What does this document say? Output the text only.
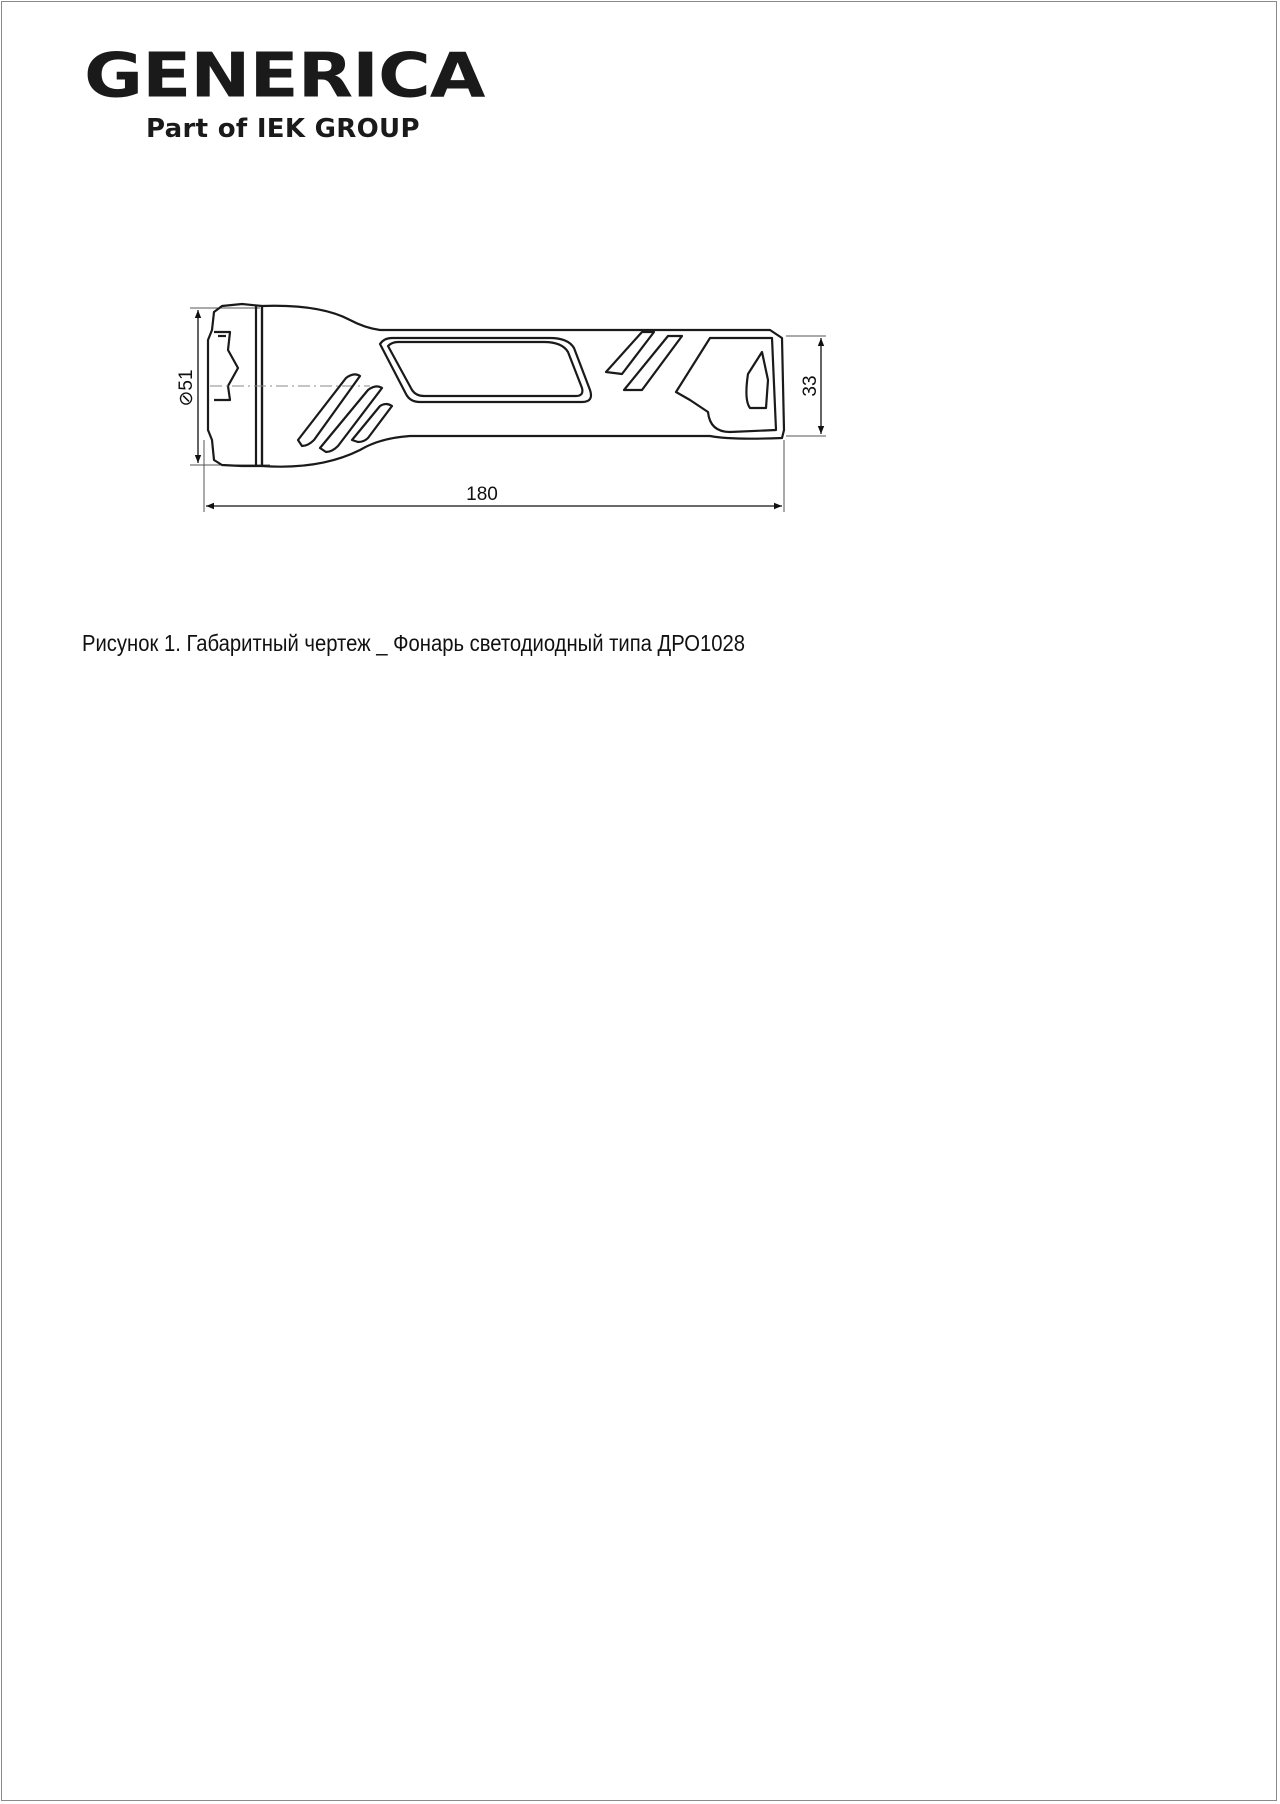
GENERICA
Part of IEK GROUP
180
⊘51	33
Рисунок 1. Габаритный чертеж _ Фонарь светодиодный типа ДРО1028
